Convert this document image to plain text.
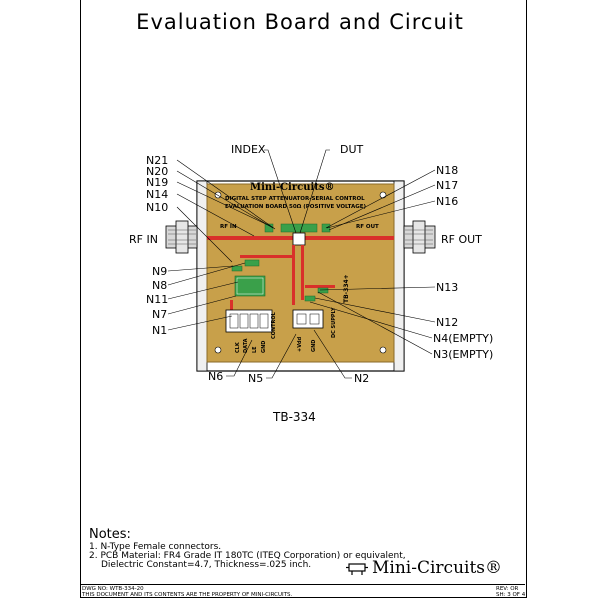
Evaluation Board and Circuit
Mini-Circuits®
DIGITAL STEP ATTENUATOR-SERIAL CONTROL
EVALUATION BOARD 50Ω (POSITIVE VOLTAGE)
RF IN	RF OUT
TB-334+
CLK DATA LE GND
CONTROL
+Vdd GND
DC SUPPLY
INDEX	DUT
N21
N20
N19
N14
N10
N18
N17
N16
RF IN	RF OUT
N9
N8
N11
N7
N1
N13
N12
N4(EMPTY)
N3(EMPTY)
N6 N5	N2
TB-334
Notes:
1. N-Type Female connectors.
2. PCB Material: FR4 Grade IT 180TC (ITEQ Corporation) or equivalent,
Dielectric Constant=4.7, Thickness=.025 inch.	Mini-Circuits®
DWG NO: WTB-334-20
THIS DOCUMENT AND ITS CONTENTS ARE THE PROPERTY OF MINI-CIRCUITS.
REV: OR
SH: 3 OF 4
